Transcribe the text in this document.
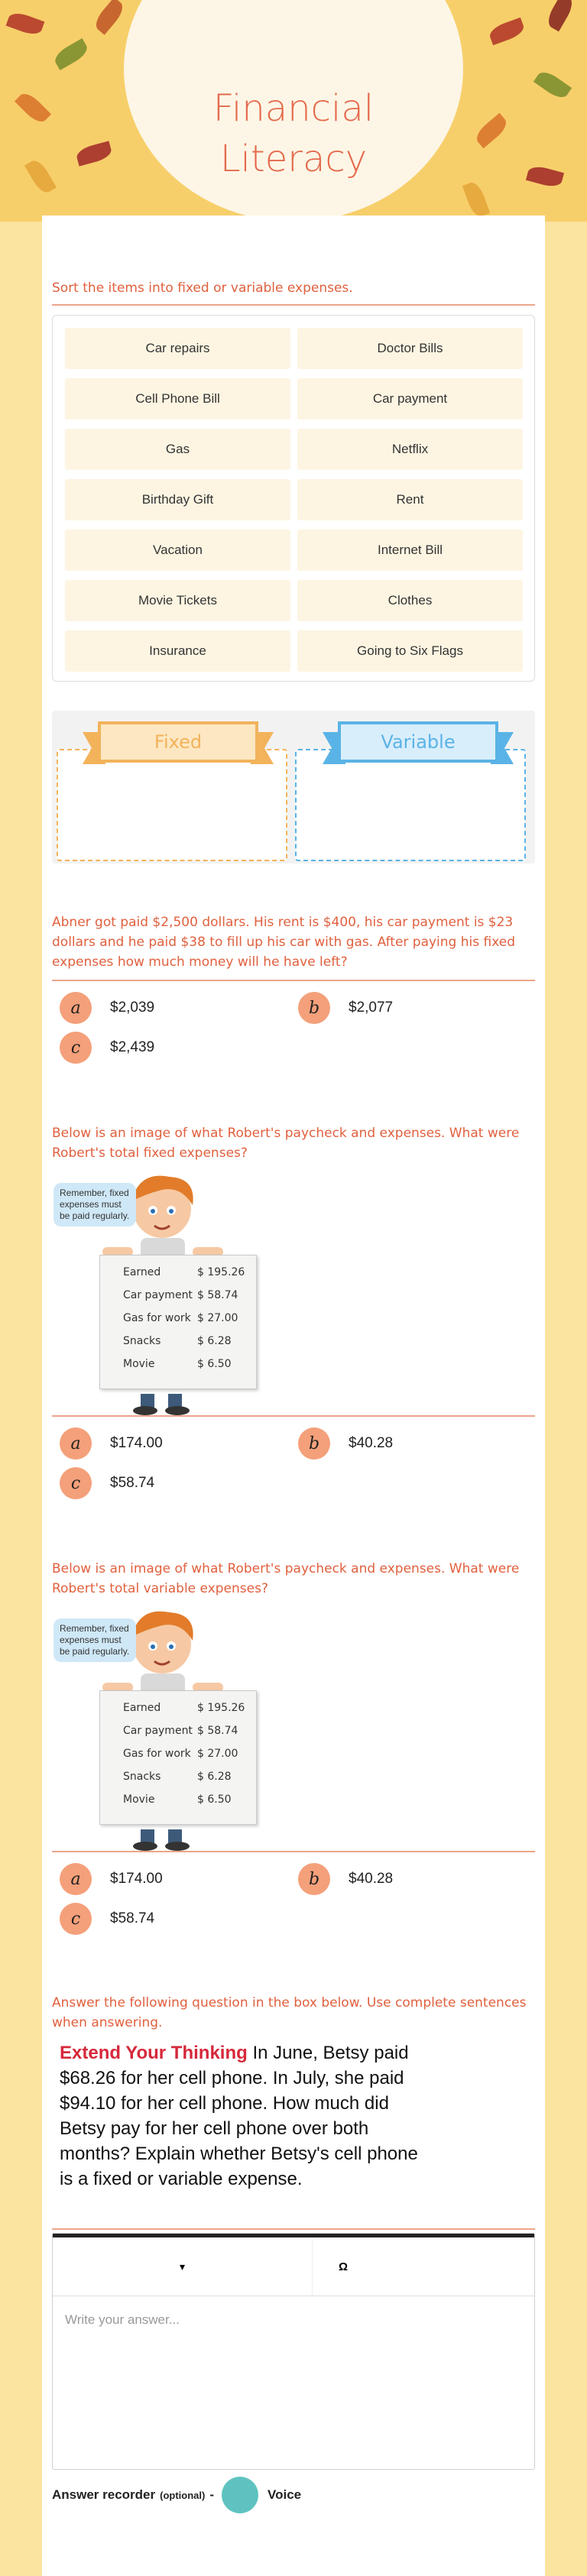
Financial
Literacy
Sort the items into fixed or variable expenses.
Car repairs	Doctor Bills
Cell Phone Bill	Car payment
Gas	Netflix
Birthday Gift	Rent
Vacation	Internet Bill
Movie Tickets	Clothes
Insurance	Going to Six Flags
Fixed	Variable
Abner got paid $2,500 dollars. His rent is $400, his car payment is $23 dollars and he paid $38 to fill up his car with gas. After paying his fixed expenses how much money will he have left?
a	$2,039	b	$2,077
c	$2,439
Below is an image of what Robert's paycheck and expenses. What were Robert's total fixed expenses?
Remember, fixed expenses must be paid regularly.
Earned	$ 195.26
Car payment $ 58.74
Gas for work $ 27.00
Snacks	$ 6.28
Movie	$ 6.50
a	$174.00	b	$40.28
c	$58.74
Below is an image of what Robert's paycheck and expenses. What were Robert's total variable expenses?
Remember, fixed expenses must be paid regularly.
Earned	$ 195.26
Car payment $ 58.74
Gas for work $ 27.00
Snacks	$ 6.28
Movie	$ 6.50
a	$174.00	b	$40.28
c	$58.74
Answer the following question in the box below. Use complete sentences when answering.
Extend Your Thinking In June, Betsy paid $68.26 for her cell phone. In July, she paid $94.10 for her cell phone. How much did Betsy pay for her cell phone over both months? Explain whether Betsy's cell phone is a fixed or variable expense.
▾	Ω
Write your answer...
Answer recorder (optional) -	Voice
